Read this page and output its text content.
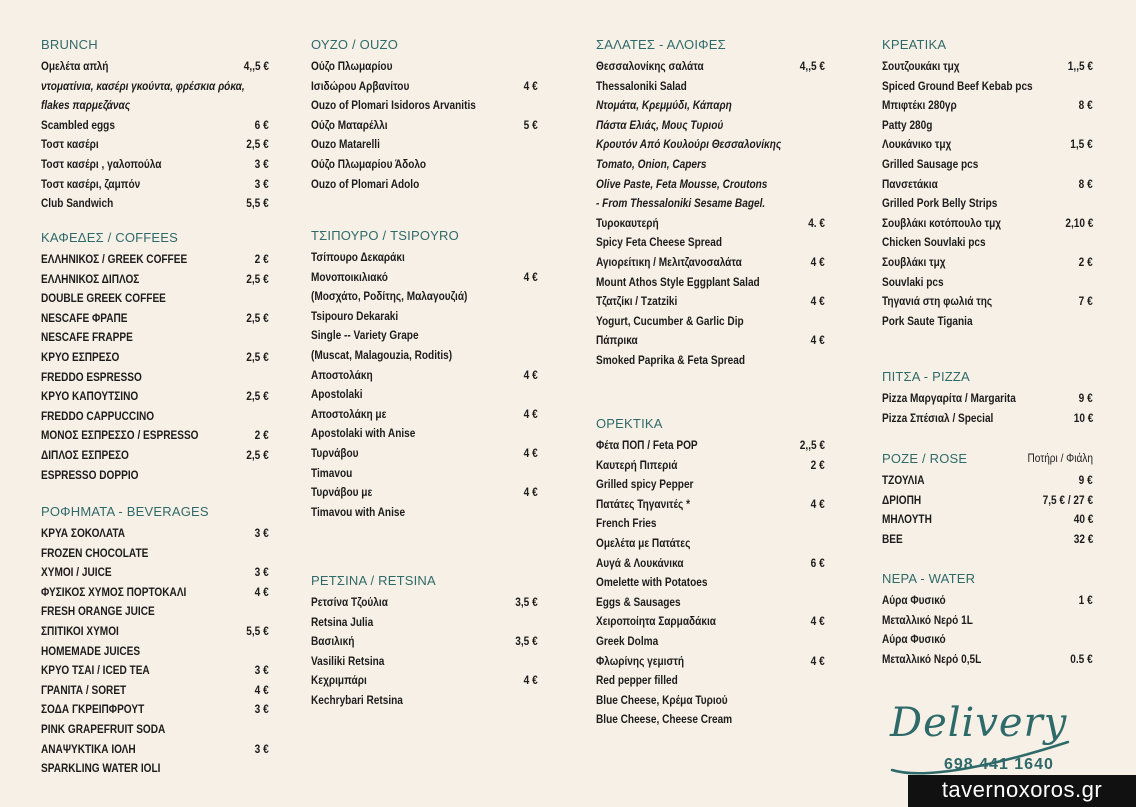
BRUNCH
Ομελέτα απλή	4,,5 €
ντοματίνια, κασέρι γκούντα, φρέσκια ρόκα,
flakes παρμεζάνας
Scambled eggs	6 €
Τοστ κασέρι	2,5 €
Τοστ κασέρι , γαλοπούλα	3 €
Τοστ κασέρι, ζαμπόν	3 €
Club Sandwich	5,5 €
ΚΑΦΕΔΕΣ / COFFEES
ΕΛΛΗΝΙΚΟΣ / GREEK COFFEE	2 €
ΕΛΛΗΝΙΚΟΣ ΔΙΠΛΟΣ	2,5 €
DOUBLE GREEK COFFEE
NESCAFE ΦΡΑΠΕ	2,5 €
NESCAFE FRAPPE
ΚΡΥΟ ΕΣΠΡΕΣΟ	2,5 €
FREDDO ESPRESSO
ΚΡΥΟ ΚΑΠΟΥΤΣΙΝΟ	2,5 €
FREDDO CAPPUCCINO
ΜΟΝΟΣ ΕΣΠΡΕΣΣΟ / ESPRESSO	2 €
ΔΙΠΛΟΣ ΕΣΠΡΕΣΟ	2,5 €
ESPRESSO DOPPIO
ΡΟΦΗΜΑΤΑ - BEVERAGES
ΚΡΥΑ ΣΟΚΟΛΑΤΑ	3 €
FROZEN CHOCOLATE
ΧΥΜΟΙ / JUICE	3 €
ΦΥΣΙΚΟΣ ΧΥΜΟΣ ΠΟΡΤΟΚΑΛΙ	4 €
FRESH ORANGE JUICE
ΣΠΙΤΙΚΟΙ ΧΥΜΟΙ	5,5 €
HOMEMADE JUICES
ΚΡΥΟ ΤΣΑΙ / ICED TEA	3 €
ΓΡΑΝΙΤΑ / SORET	4 €
ΣΟΔΑ ΓΚΡΕΙΠΦΡΟΥΤ	3 €
PINK GRAPEFRUIT SODA
ΑΝΑΨΥΚΤΙΚΑ ΙΟΛΗ	3 €
SPARKLING WATER IOLI
ΟΥΖΟ / OUZO
Ούζο Πλωμαρίου
Ισιδώρου Αρβανίτου	4 €
Ouzo of Plomari Isidoros Arvanitis
Ούζο Ματαρέλλι	5 €
Ouzo Matarelli
Ούζο Πλωμαρίου Άδολο
Ouzo of Plomari Adolo
ΤΣΙΠΟΥΡΟ / TSIPOYRO
Τσίπουρο Δεκαράκι
Μονοποικιλιακό	4 €
(Μοσχάτο, Ροδίτης, Μαλαγουζιά)
Tsipouro Dekaraki
Single -- Variety Grape
(Muscat, Malagouzia, Roditis)
Αποστολάκη	4 €
Apostolaki
Αποστολάκη με	4 €
Apostolaki with Anise
Τυρνάβου	4 €
Timavou
Τυρνάβου με	4 €
Timavou with Anise
ΡΕΤΣΙΝΑ / RETSINA
Ρετσίνα Τζούλια	3,5 €
Retsina Julia
Βασιλική	3,5 €
Vasiliki Retsina
Κεχριμπάρι	4 €
Kechrybari Retsina
ΣΑΛΑΤΕΣ - ΑΛΟΙΦΕΣ
Θεσσαλονίκης σαλάτα	4,,5 €
Thessaloniki Salad
Ντομάτα, Κρεμμύδι, Κάπαρη
Πάστα Ελιάς, Μους Τυριού
Κρουτόν Από Κουλούρι Θεσσαλονίκης
Tomato, Onion, Capers
Olive Paste, Feta Mousse, Croutons
- From Thessaloniki Sesame Bagel.
Τυροκαυτερή	4. €
Spicy Feta Cheese Spread
Αγιορείτικη / Μελιτζανοσαλάτα	4 €
Mount Athos Style Eggplant Salad
Τζατζίκι / Tzatziki	4 €
Yogurt, Cucumber & Garlic Dip
Πάπρικα	4 €
Smoked Paprika & Feta Spread
ΟΡΕΚΤΙΚΑ
Φέτα ΠΟΠ / Feta POP	2,,5 €
Καυτερή Πιπεριά	2 €
Grilled spicy Pepper
Πατάτες Τηγανιτές *	4 €
French Fries
Ομελέτα με Πατάτες
Αυγά & Λουκάνικα	6 €
Omelette with Potatoes
Eggs & Sausages
Χειροποίητα Σαρμαδάκια	4 €
Greek Dolma
Φλωρίνης γεμιστή	4 €
Red pepper filled
Blue Cheese, Κρέμα Τυριού
Blue Cheese, Cheese Cream
ΚΡΕΑΤΙΚΑ
Σουτζουκάκι τμχ	1,,5 €
Spiced Ground Beef Kebab pcs
Μπιφτέκι 280γρ	8 €
Patty 280g
Λουκάνικο τμχ	1,5 €
Grilled Sausage pcs
Πανσετάκια	8 €
Grilled Pork Belly Strips
Σουβλάκι κοτόπουλο τμχ	2,10 €
Chicken Souvlaki pcs
Σουβλάκι τμχ	2 €
Souvlaki pcs
Τηγανιά στη φωλιά της	7 €
Pork Saute Tigania
ΠΙΤΣΑ - PIZZA
Pizza Μαργαρίτα / Margarita	9 €
Pizza Σπέσιαλ / Special	10 €
ΡΟΖΕ / ROSE
ΤΖΟΥΛΙΑ	9 €
ΔΡΙΟΠΗ	7,5 € / 27 €
ΜΗΛΟΥΤΗ	40 €
ΒΕΕ	32 €
ΝΕΡΑ - WATER
Αύρα Φυσικό	1 €
Μεταλλικό Νερό 1L
Αύρα Φυσικό
Μεταλλικό Νερό 0,5L	0.5 €
Ποτήρι / Φιάλη
Delivery
698 441 1640
tavernoxoros.gr
